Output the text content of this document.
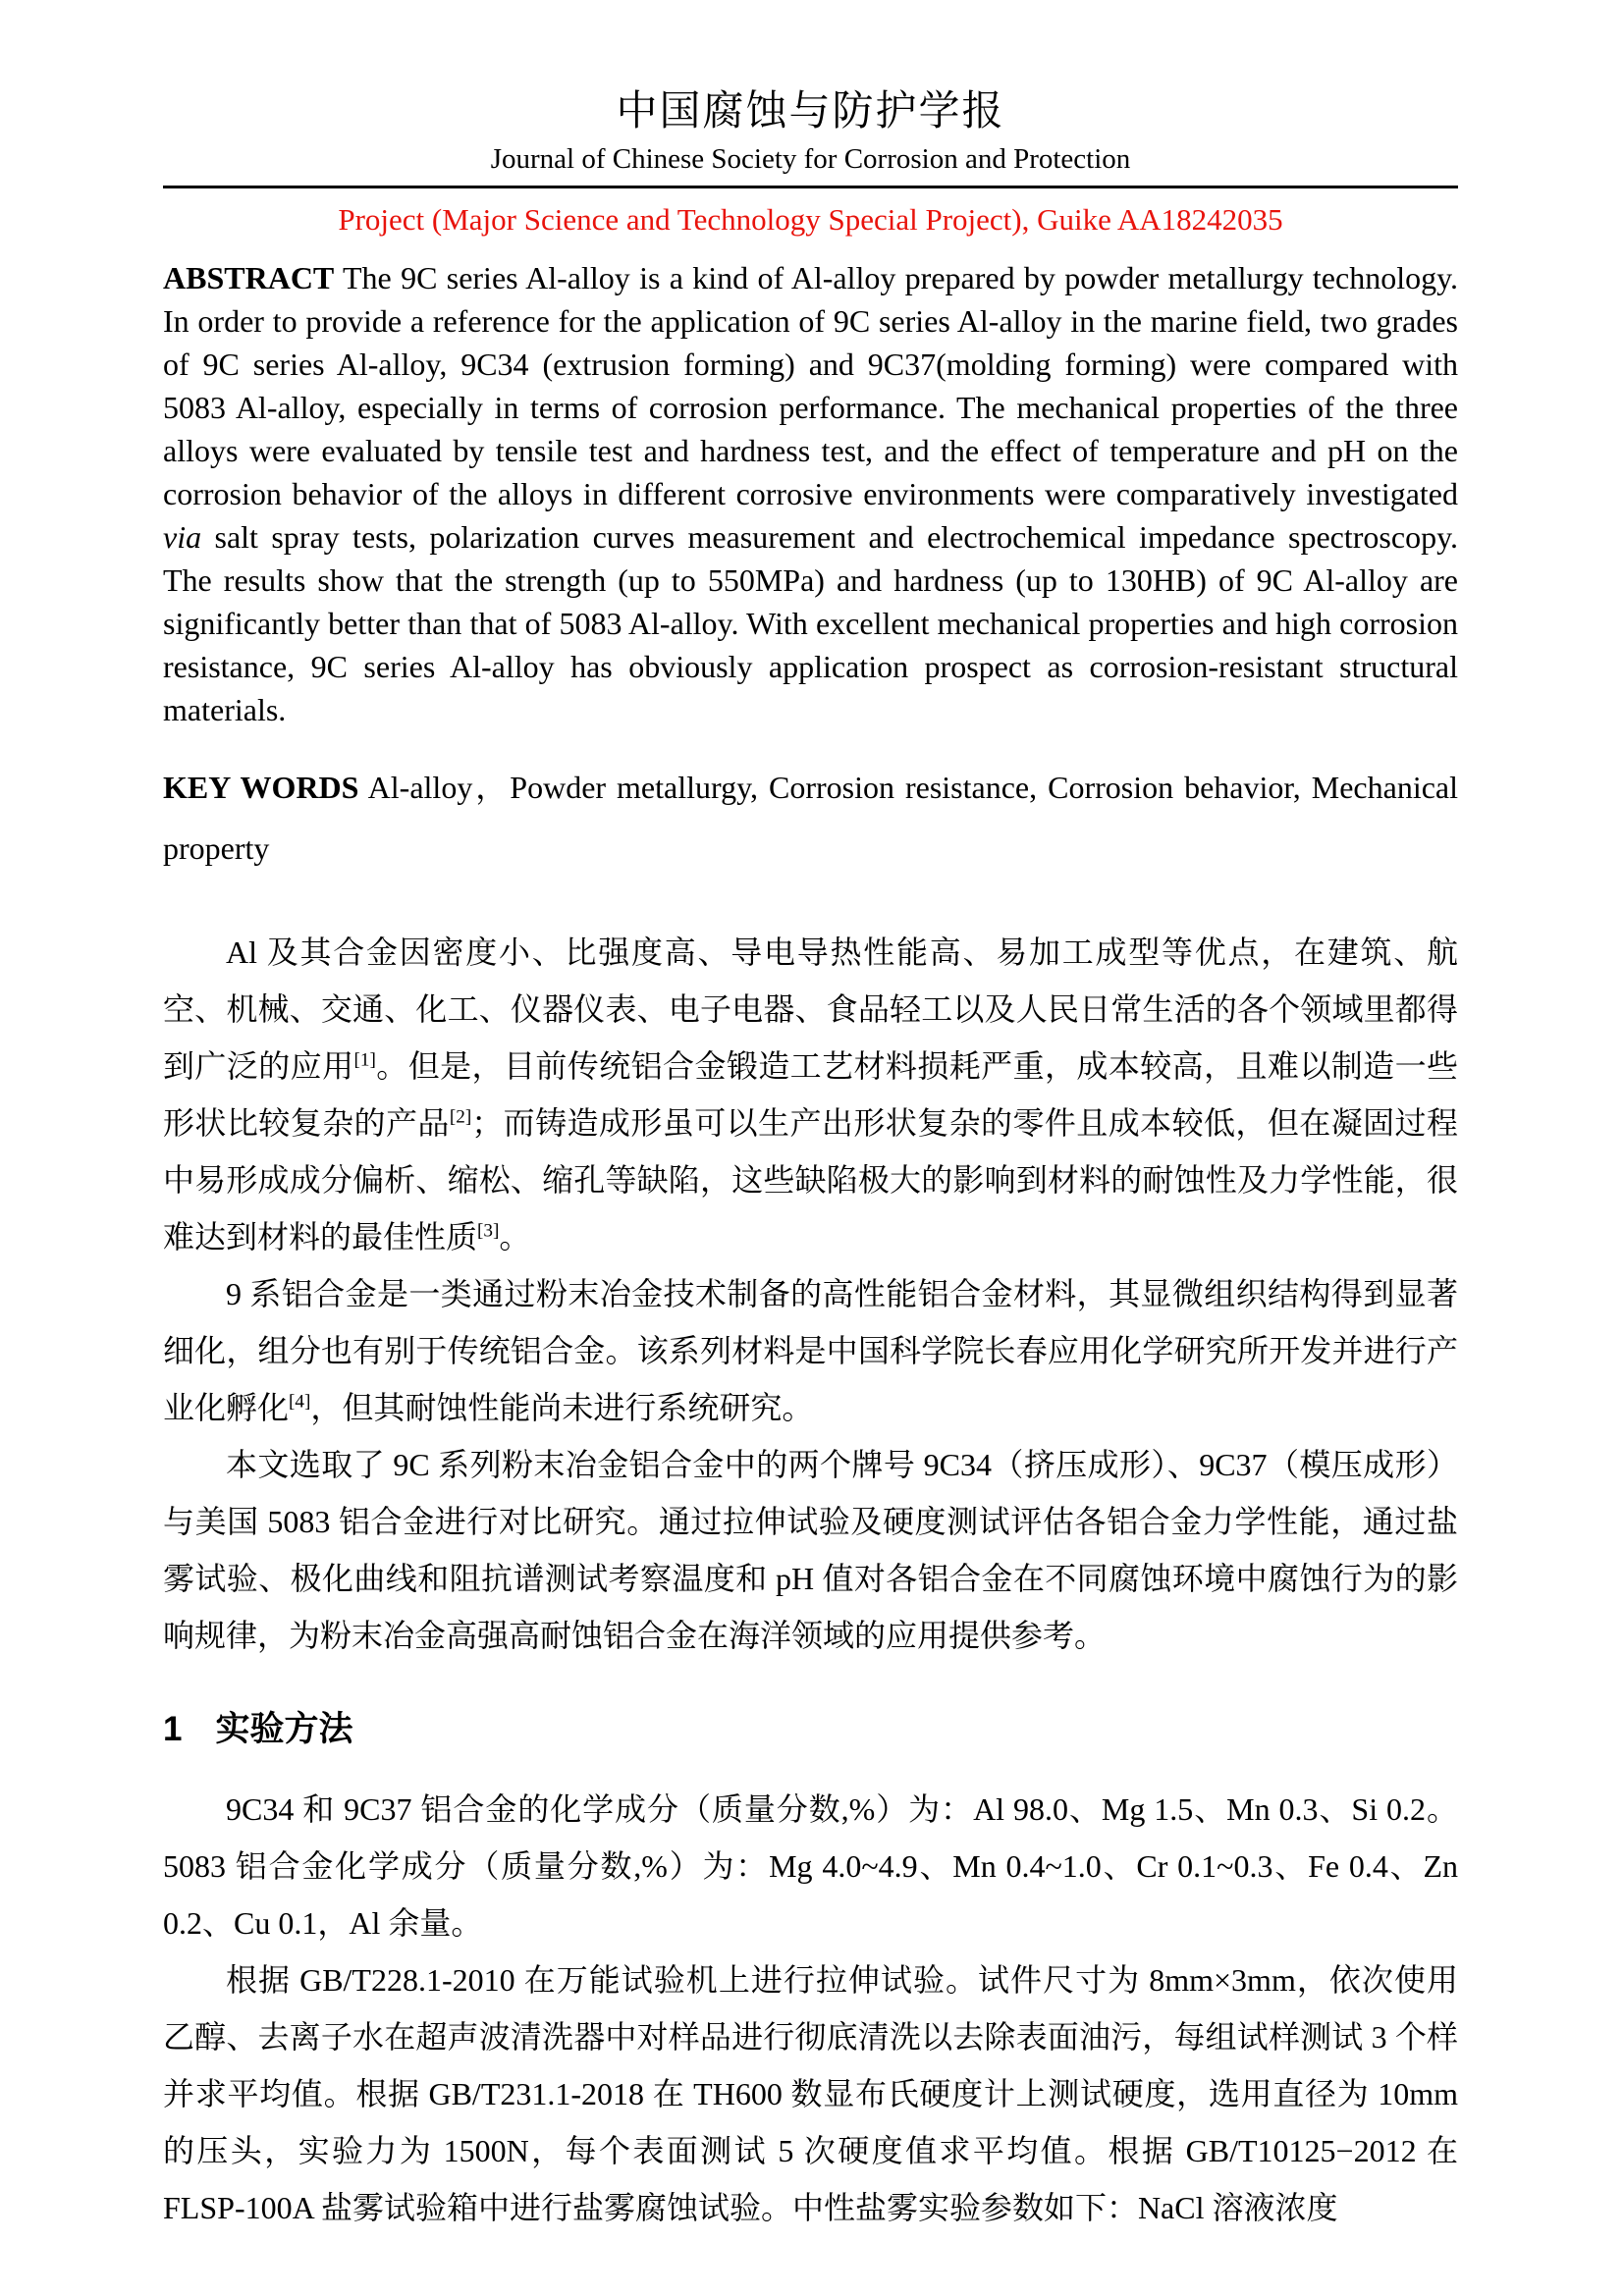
中国腐蚀与防护学报
Journal of Chinese Society for Corrosion and Protection
Project (Major Science and Technology Special Project), Guike AA18242035

ABSTRACT The 9C series Al-alloy is a kind of Al-alloy prepared by powder metallurgy technology. In order to provide a reference for the application of 9C series Al-alloy in the marine field, two grades of 9C series Al-alloy, 9C34 (extrusion forming) and 9C37(molding forming) were compared with 5083 Al-alloy, especially in terms of corrosion performance. The mechanical properties of the three alloys were evaluated by tensile test and hardness test, and the effect of temperature and pH on the corrosion behavior of the alloys in different corrosive environments were comparatively investigated via salt spray tests, polarization curves measurement and electrochemical impedance spectroscopy. The results show that the strength (up to 550MPa) and hardness (up to 130HB) of 9C Al-alloy are significantly better than that of 5083 Al-alloy. With excellent mechanical properties and high corrosion resistance, 9C series Al-alloy has obviously application prospect as corrosion-resistant structural materials.

KEY WORDS Al-alloy，Powder metallurgy, Corrosion resistance, Corrosion behavior, Mechanical property

Al 及其合金因密度小、比强度高、导电导热性能高、易加工成型等优点，在建筑、航空、机械、交通、化工、仪器仪表、电子电器、食品轻工以及人民日常生活的各个领域里都得到广泛的应用[1]。但是，目前传统铝合金锻造工艺材料损耗严重，成本较高，且难以制造一些形状比较复杂的产品[2]；而铸造成形虽可以生产出形状复杂的零件且成本较低，但在凝固过程中易形成成分偏析、缩松、缩孔等缺陷，这些缺陷极大的影响到材料的耐蚀性及力学性能，很难达到材料的最佳性质[3]。

9 系铝合金是一类通过粉末冶金技术制备的高性能铝合金材料，其显微组织结构得到显著细化，组分也有别于传统铝合金。该系列材料是中国科学院长春应用化学研究所开发并进行产业化孵化[4]，但其耐蚀性能尚未进行系统研究。

本文选取了 9C 系列粉末冶金铝合金中的两个牌号 9C34（挤压成形）、9C37（模压成形）与美国 5083 铝合金进行对比研究。通过拉伸试验及硬度测试评估各铝合金力学性能，通过盐雾试验、极化曲线和阻抗谱测试考察温度和 pH 值对各铝合金在不同腐蚀环境中腐蚀行为的影响规律，为粉末冶金高强高耐蚀铝合金在海洋领域的应用提供参考。

1 实验方法

9C34 和 9C37 铝合金的化学成分（质量分数,%）为：Al 98.0、Mg 1.5、Mn 0.3、Si 0.2。5083 铝合金化学成分（质量分数,%）为：Mg 4.0~4.9、Mn 0.4~1.0、Cr 0.1~0.3、Fe 0.4、Zn 0.2、Cu 0.1，Al 余量。

根据 GB/T228.1-2010 在万能试验机上进行拉伸试验。试件尺寸为 8mm×3mm，依次使用乙醇、去离子水在超声波清洗器中对样品进行彻底清洗以去除表面油污，每组试样测试 3 个样并求平均值。根据 GB/T231.1-2018 在 TH600 数显布氏硬度计上测试硬度，选用直径为 10mm 的压头，实验力为 1500N，每个表面测试 5 次硬度值求平均值。根据 GB/T10125−2012 在 FLSP-100A 盐雾试验箱中进行盐雾腐蚀试验。中性盐雾实验参数如下：NaCl 溶液浓度
